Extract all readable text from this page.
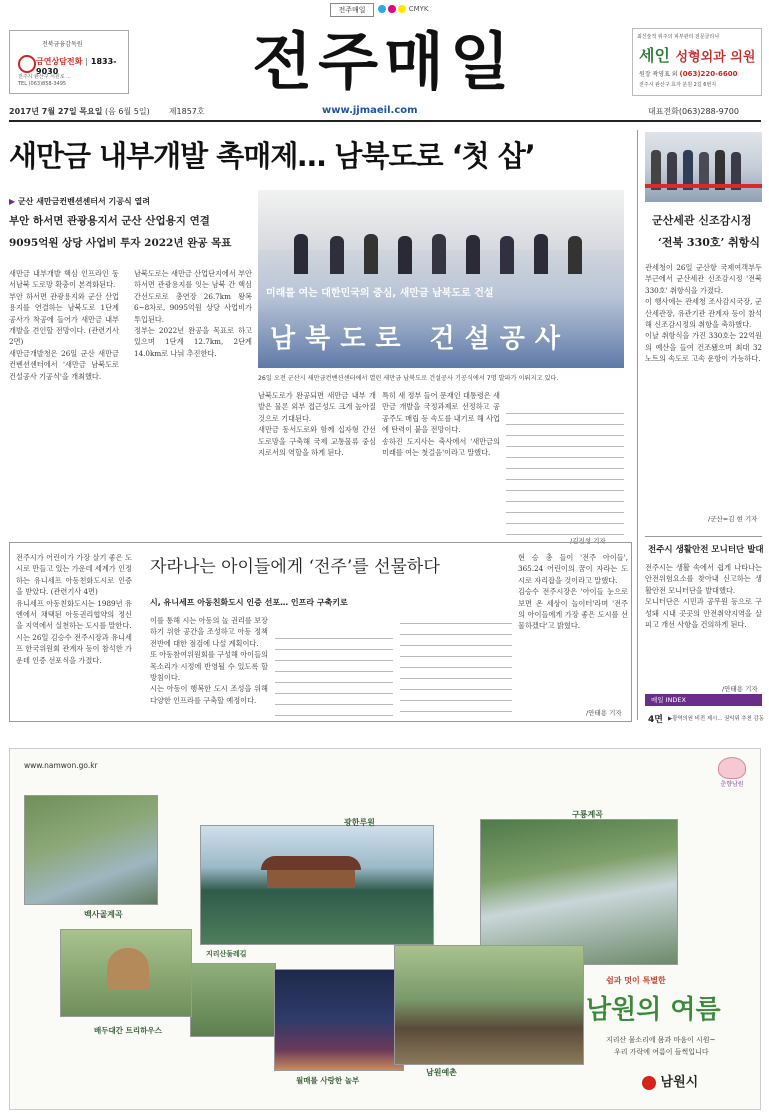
전주매일	CMYK
전북금융감독원
금연상담전화 | 1833-9030
전주시 완산구 서원로 ...
TEL (063)858-3495	전주매일	최신술적 위주의 피부관리 전문클리닉
세인 성형외과 의원
원장 곽영표 외 (063)220-6600
전주시 완산구 효자 분원 2길 6번지
2017년 7월 27일 목요일 (음 6월 5일) 제1857호	www.jjmaeil.com	대표전화(063)288-9700
새만금 내부개발 촉매제… 남북도로 ‘첫 삽’
▶ 군산 새만금컨벤션센터서 기공식 열려
부안 하서면 관광용지서 군산 산업용지 연결
9095억원 상당 사업비 투자 2022년 완공 목표
새만금 내부개발 핵심 인프라인 동서남북 도로망 확충이 본격화된다.
부안 하서면 관광용지와 군산 산업용지를 연결하는 남북도로 1단계 공사가 착공에 들어가 새만금 내부 개발을 견인할 전망이다. (관련기사 2면)
새만금개발청은 26일 군산 새만금컨벤션센터에서 '새만금 남북도로 건설공사 기공식'을 개최했다.
남북도로는 새만금 산업단지에서 부안 하서면 관광용지를 잇는 남북 간 핵심 간선도로로 총연장 26.7km 왕복 6~8차로, 9095억원 상당 사업비가 투입된다.
정부는 2022년 완공을 목표로 하고 있으며 1단계 12.7km, 2단계 14.0km로 나눠 추진한다.
미래를 여는 대한민국의 중심, 새만금 남북도로 건설
남북도로 건설공사
26일 오전 군산시 새만금컨벤션센터에서 열린 새만금 남북도로 건설공사 기공식에서 7명 발파가 이뤄지고 있다.
남북도로가 완공되면 새만금 내부 개발은 물론 외부 접근성도 크게 높아질 것으로 기대된다.
새만금 동서도로와 함께 십자형 간선도로망을 구축해 국제 교통물류 중심지로서의 역할을 하게 된다.
특히 새 정부 들어 문재인 대통령은 새만금 개발을 국정과제로 선정하고 공공주도 매립 등 속도를 내기로 해 사업에 탄력이 붙을 전망이다.
송하진 도지사는 축사에서 '새만금의 미래를 여는 첫걸음'이라고 말했다.

/김진성 기자
군산세관 신조감시정
‘전북 330호’ 취항식
관세청이 26일 군산항 국제여객부두 부근에서 군산세관 신조감시정 '전북 330호' 취항식을 가졌다.
이 행사에는 관세청 조사감시국장, 군산세관장, 유관기관 관계자 등이 참석해 신조감시정의 취항을 축하했다.
이날 취항식을 가진 330호는 22억원의 예산을 들여 건조됐으며 최대 32노트의 속도로 고속 운항이 가능하다.
/군산=김 현 기자
전주시 생활안전 모니터단 발대
전주시는 생활 속에서 쉽게 나타나는 안전위험요소를 찾아내 신고하는 생활안전 모니터단을 발대했다.
모니터단은 시민과 공무원 등으로 구성돼 시내 곳곳의 안전취약지역을 살피고 개선 사항을 건의하게 된다.
/안태용 기자
매일 INDEX
4면 ▶광역의원 비전 제시... 권익위 추천 감동
자라나는 아이들에게 ‘전주’를 선물하다
시, 유니세프 아동친화도시 인증 선포… 인프라 구축키로
전주시가 어린이가 가장 살기 좋은 도시로 만들고 있는 가운데 세계가 인정하는 유니세프 아동친화도시로 인증을 받았다. (관련기사 4면)
유니세프 아동친화도시는 1989년 유엔에서 채택된 아동권리협약의 정신을 지역에서 실천하는 도시를 말한다.
시는 26일 김승수 전주시장과 유니세프 한국위원회 관계자 등이 참석한 가운데 인증 선포식을 가졌다.
이를 통해 시는 아동의 놀 권리를 보장하기 위한 공간을 조성하고 아동 정책 전반에 대한 점검에 나설 계획이다.
또 아동참여위원회를 구성해 아이들의 목소리가 시정에 반영될 수 있도록 할 방침이다.
시는 아동이 행복한 도시 조성을 위해 다양한 인프라를 구축할 예정이다.

현 승 총 들이 '전주 아이들', 365.24 어린이의 꿈이 자라는 도시로 자리잡을 것이라고 말했다.
김승수 전주시장은 '아이들 눈으로 보면 온 세상이 놀이터'라며 '전주의 아이들에게 가장 좋은 도시를 선물하겠다'고 밝혔다.
/안태용 기자
www.namwon.go.kr
춘향남원
백사골계곡
광한루원
구룡계곡
지리산둘레길
배두대간 트리하우스
월매를 사랑한 놀부
남원예촌
쉼과 멋이 특별한
남원의 여름
지리산 물소리에 몸과 마음이 시원~
우리 가락에 여름이 들썩입니다
남원시
